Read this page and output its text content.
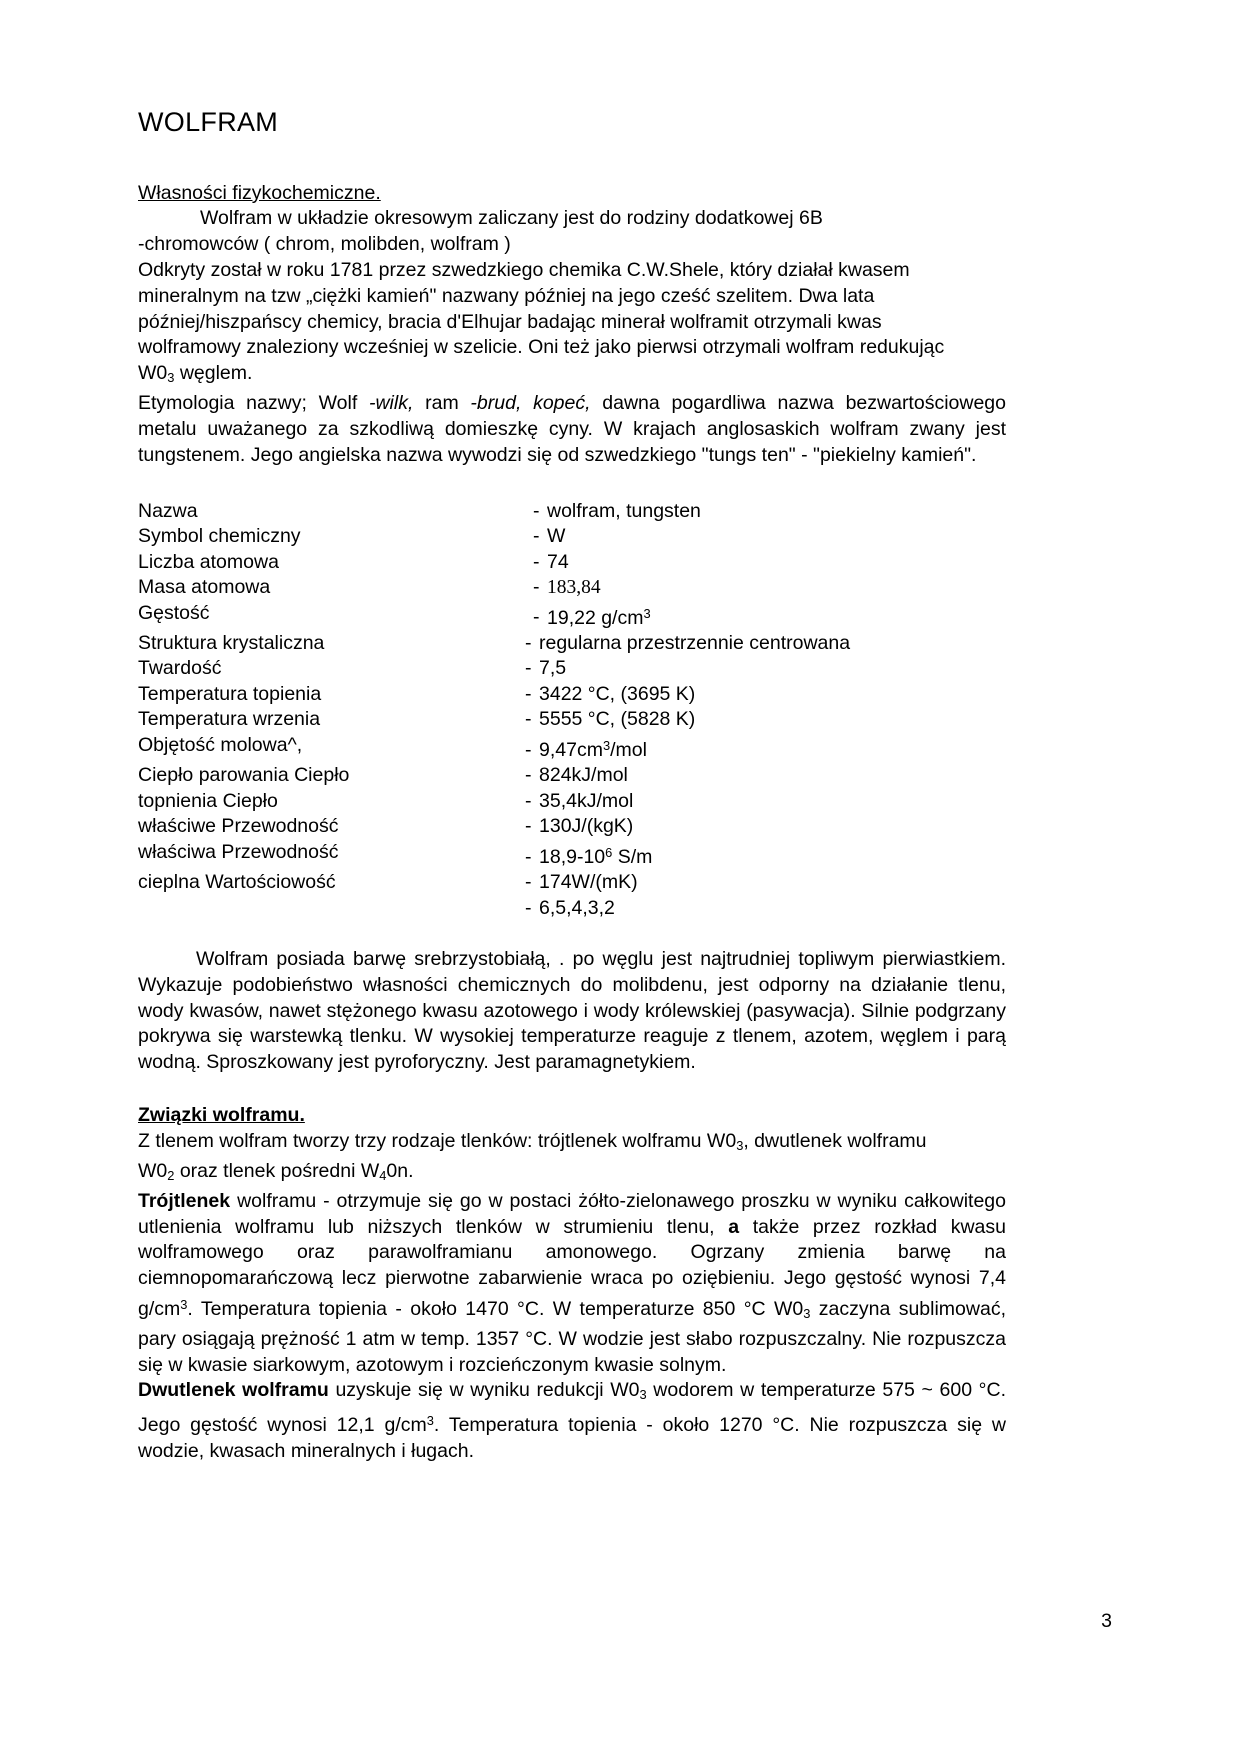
WOLFRAM

Własności fizykochemiczne.

Wolfram w układzie okresowym zaliczany jest do rodziny dodatkowej 6B

-chromowców ( chrom, molibden, wolfram )

Odkryty został w roku 1781 przez szwedzkiego chemika C.W.Shele, który działał kwasem

mineralnym na tzw „ciężki kamień" nazwany później na jego cześć szelitem. Dwa lata

później/hiszpańscy chemicy, bracia d'Elhujar badając minerał wolframit otrzymali kwas

wolframowy znaleziony wcześniej w szelicie. Oni też jako pierwsi otrzymali wolfram redukując

$W0_3$ węglem.

Etymologia nazwy; Wolf -wilk, ram -brud, kopeć, dawna pogardliwa nazwa bezwartościowego metalu uważanego za szkodliwą domieszkę cyny. W krajach anglosaskich wolfram zwany jest tungstenem. Jego angielska nazwa wywodzi się od szwedzkiego "tungs ten" - "piekielny kamień".

Nazwa	- wolfram, tungsten
Symbol chemiczny	- W
Liczba atomowa	- 74
Masa atomowa	- 183,84
Gęstość	- 19,22 $g/cm^3$
Struktura krystaliczna	- regularna przestrzennie centrowana
Twardość	- 7,5
Temperatura topienia	- 3422 °C, (3695 K)
Temperatura wrzenia	- 5555 °C, (5828 K)
Objętość molowa^,	- $9,47cm^3$/mol
Ciepło parowania Ciepło	- 824kJ/mol
topnienia Ciepło	- 35,4kJ/mol
właściwe Przewodność	- 130J/(kgK)
właściwa Przewodność	- $18,9-10^6$ S/m
cieplna Wartościowość	- 174W/(mK)
	- 6,5,4,3,2

Wolfram posiada barwę srebrzystobiałą, . po węglu jest najtrudniej topliwym pierwiastkiem. Wykazuje podobieństwo własności chemicznych do molibdenu, jest odporny na działanie tlenu, wody kwasów, nawet stężonego kwasu azotowego i wody królewskiej (pasywacja). Silnie podgrzany pokrywa się warstewką tlenku. W wysokiej temperaturze reaguje z tlenem, azotem, węglem i parą wodną. Sproszkowany jest pyroforyczny. Jest paramagnetykiem.

Związki wolframu.

Z tlenem wolfram tworzy trzy rodzaje tlenków: trójtlenek wolframu $W0_3$, dwutlenek wolframu

$W0_2$ oraz tlenek pośredni $W_40n$.

Trójtlenek wolframu - otrzymuje się go w postaci żółto-zielonawego proszku w wyniku całkowitego utlenienia wolframu lub niższych tlenków w strumieniu tlenu, a także przez rozkład kwasu wolframowego oraz parawolframianu amonowego. Ogrzany zmienia barwę na ciemnopomarańczową lecz pierwotne zabarwienie wraca po oziębieniu. Jego gęstość wynosi 7,4 $g/cm^3$. Temperatura topienia - około 1470 °C. W temperaturze 850 °C $W0_3$ zaczyna sublimować, pary osiągają prężność 1 atm w temp. 1357 °C. W wodzie jest słabo rozpuszczalny. Nie rozpuszcza się w kwasie siarkowym, azotowym i rozcieńczonym kwasie solnym.

Dwutlenek wolframu uzyskuje się w wyniku redukcji $W0_3$ wodorem w temperaturze 575 ~ 600 °C. Jego gęstość wynosi 12,1 $g/cm^3$. Temperatura topienia - około 1270 °C. Nie rozpuszcza się w wodzie, kwasach mineralnych i ługach.

3
